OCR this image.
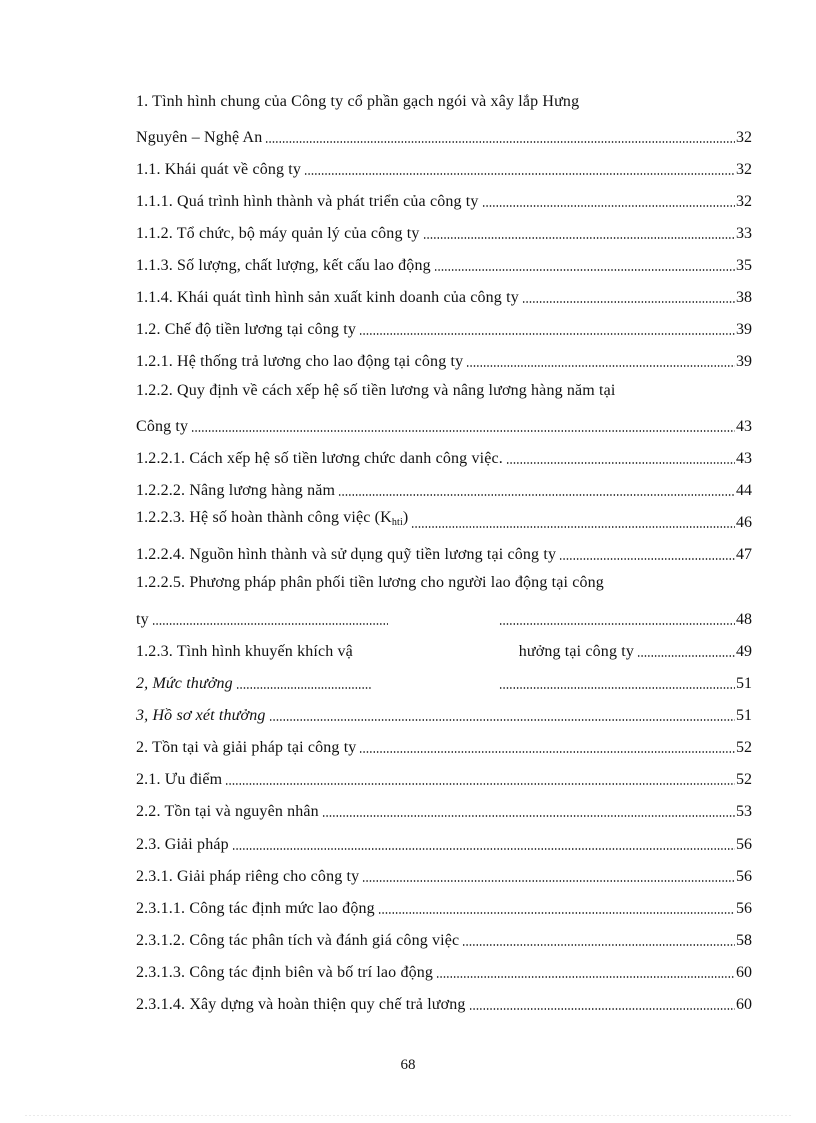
1. Tình hình chung của Công ty cổ phần gạch ngói và xây lắp Hưng
Nguyên – Nghệ An	32
1.1. Khái quát về công ty	32
1.1.1. Quá trình hình thành và phát triển của công ty	32
1.1.2. Tổ chức, bộ máy quản lý của công ty	33
1.1.3. Số lượng, chất lượng, kết cấu lao động	35
1.1.4. Khái quát tình hình sản xuất kinh doanh của công ty	38
1.2. Chế độ tiền lương tại công ty	39
1.2.1. Hệ thống trả lương cho lao động tại công ty	39
1.2.2. Quy định về cách xếp hệ số tiền lương và nâng lương hàng năm tại
Công ty	43
1.2.2.1. Cách xếp hệ số tiền lương chức danh công việc.	43
1.2.2.2. Nâng lương hàng năm	44
1.2.2.3. Hệ số hoàn thành công việc $(K_{hti})$	46
1.2.2.4. Nguồn hình thành và sử dụng quỹ tiền lương tại công ty	47
1.2.2.5. Phương pháp phân phối tiền lương cho người lao động tại công
ty	48
1.2.3. Tình hình khuyến khích vậ	hưởng tại công ty	49
2, Mức thưởng	51
3, Hồ sơ xét thưởng	51
2. Tồn tại và giải pháp tại công ty	52
2.1. Ưu điểm	52
2.2. Tồn tại và nguyên nhân	53
2.3. Giải pháp	56
2.3.1. Giải pháp riêng cho công ty	56
2.3.1.1. Công tác định mức lao động	56
2.3.1.2. Công tác phân tích và đánh giá công việc	58
2.3.1.3. Công tác định biên và bố trí lao động	60
2.3.1.4. Xây dựng và hoàn thiện quy chế trả lương	60
68
